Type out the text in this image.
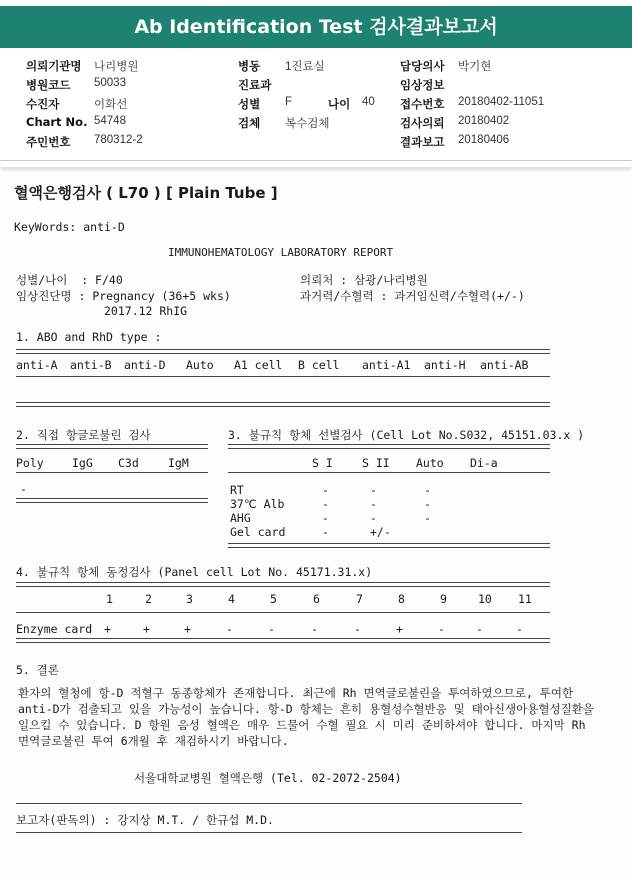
Ab Identification Test 검사결과보고서
의뢰기관명 나리병원
병원코드 50033
수진자	이화선
Chart No. 54748
주민번호 780312-2
병동 1진료실
진료과
성별 F	나이 40
검체 복수검체
담당의사 박기현
임상정보
접수번호 20180402-11051
검사의뢰 20180402
결과보고 20180406
혈액은행검사 ( L70 ) [ Plain Tube ]
KeyWords: anti-D
IMMUNOHEMATOLOGY LABORATORY REPORT
성별/나이  : F/40
임상진단명 : Pregnancy (36+5 wks)
2017.12 RhIG
의뢰처 : 삼광/나리병원
과거력/수혈력 : 과거임신력/수혈력(+/-)
1. ABO and RhD type :
anti-A anti-B anti-D Auto A1 cell B cell anti-A1 anti-H anti-AB
2. 직접 항글로불린 검사
Poly IgG C3d	IgM
-
3. 불규칙 항체 선별검사 (Cell Lot No.S032, 45151.03.x )
S I	S II Auto Di-a
RT	-	-	-
37℃ Alb	-	-	-
AHG	-	-	-
Gel card	-	+/-
4. 불규칙 항체 동정검사 (Panel cell Lot No. 45171.31.x)
1	2	3	4	5	6	7	8	9	10 11
Enzyme card +	+	+	-	-	-	-	+	-	-	-
5. 결론
환자의 혈청에 항-D 적혈구 동종항체가 존재합니다. 최근에 Rh 면역글로불린을 투여하였으므로, 투여한 anti-D가 검출되고 있을 가능성이 높습니다. 항-D 항체는 흔히 용혈성수혈반응 및 태아신생아용혈성질환을 일으킬 수 있습니다. D 항원 음성 혈액은 매우 드물어 수혈 필요 시 미리 준비하셔야 합니다. 마지막 Rh 면역글로불린 투여 6개월 후 재검하시기 바랍니다.
서울대학교병원 혈액은행 (Tel. 02-2072-2504)
보고자(판독의) : 강지상 M.T. / 한규섭 M.D.
